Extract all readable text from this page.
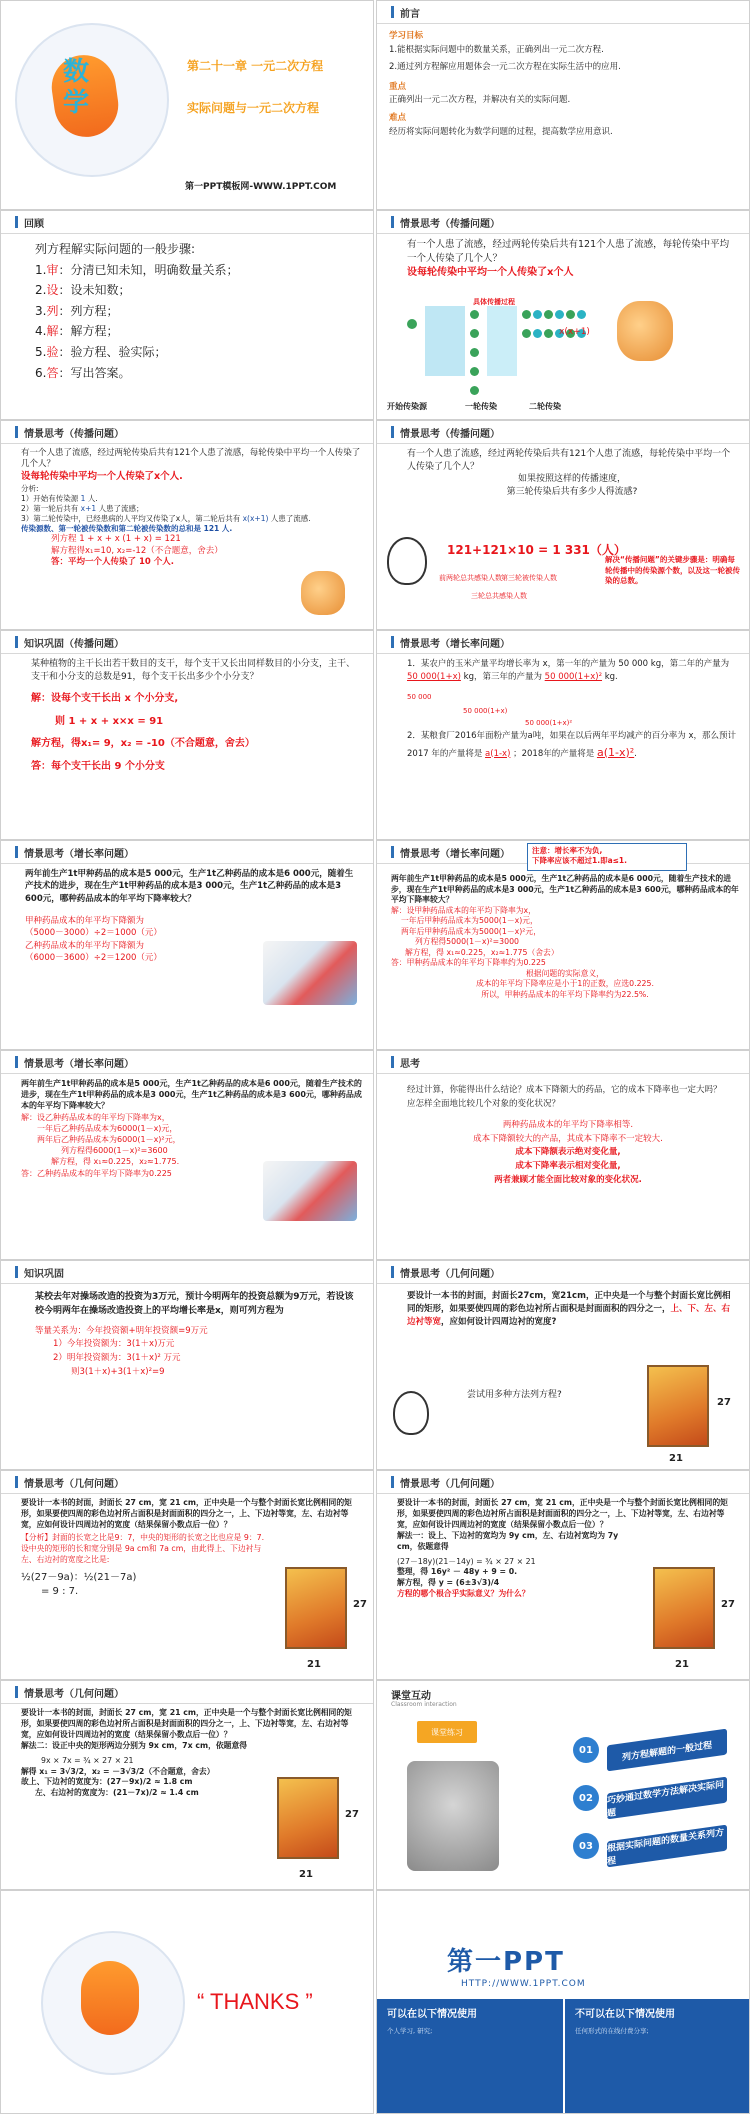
数学
第二十一章 一元二次方程
实际问题与一元二次方程
第一PPT模板网-WWW.1PPT.COM
前言
学习目标
1.能根据实际问题中的数量关系，正确列出一元二次方程.
2.通过列方程解应用题体会一元二次方程在实际生活中的应用.
重点
正确列出一元二次方程，并解决有关的实际问题.
难点
经历将实际问题转化为数学问题的过程，提高数学应用意识.
回顾
列方程解实际问题的一般步骤:
1.审：分清已知未知，明确数量关系；
2.设：设未知数；
3.列：列方程；
4.解：解方程；
5.验：验方程、验实际；
6.答：写出答案。
情景思考（传播问题）
有一个人患了流感，经过两轮传染后共有121个人患了流感，每轮传染中平均一个人传染了几个人？
设每轮传染中平均一个人传染了x个人
具体传播过程
x(x+1)
开始传染源	一轮传染	二轮传染
情景思考（传播问题）
有一个人患了流感，经过两轮传染后共有121个人患了流感，每轮传染中平均一个人传染了几个人？
设每轮传染中平均一个人传染了x个人.
分析:
1）开始有传染源 1 人.
2）第一轮后共有 x+1 人患了流感；
3）第二轮传染中，已经患病的人平均又传染了x人，第二轮后共有 x(x+1) 人患了流感.
传染源数、第一轮被传染数和第二轮被传染数的总和是 121 人.
列方程 1 + x + x (1 + x) = 121
解方程得x₁=10, x₂=-12（不合题意，舍去）
答：平均一个人传染了 10 个人.
情景思考（传播问题）
有一个人患了流感，经过两轮传染后共有121个人患了流感，每轮传染中平均一个人传染了几个人？
如果按照这样的传播速度，
第三轮传染后共有多少人得流感?
121+121×10 = 1 331（人）
前两轮总共感染人数 第三轮被传染人数
三轮总共感染人数
解决“传播问题”的关键步骤是：明确每轮传播中的传染源个数，以及这一轮被传染的总数。
知识巩固（传播问题）
某种植物的主干长出若干数目的支干，每个支干又长出同样数目的小分支，主干、支干和小分支的总数是91，每个支干长出多少个小分支？
解：设每个支干长出 x 个小分支,
则 1 + x + x×x = 91
解方程，得x₁= 9，x₂ = -10（不合题意，舍去）
答：每个支干长出 9 个小分支
情景思考（增长率问题）
1．某农户的玉米产量平均增长率为 x，第一年的产量为 50 000 kg，第二年的产量为 50 000(1+x) kg，第三年的产量为 50 000(1+x)² kg.
50 000
50 000(1+x)
50 000(1+x)²
2．某粮食厂2016年面粉产量为a吨，如果在以后两年平均减产的百分率为 x，那么预计 2017 年的产量将是 a(1-x) ；2018年的产量将是 a(1-x)².
情景思考（增长率问题）
两年前生产1t甲种药品的成本是5 000元，生产1t乙种药品的成本是6 000元，随着生产技术的进步，现在生产1t甲种药品的成本是3 000元，生产1t乙种药品的成本是3 600元，哪种药品成本的年平均下降率较大？
甲种药品成本的年平均下降额为
（5000－3000）÷2＝1000（元）
乙种药品成本的年平均下降额为
（6000－3600）÷2＝1200（元）
情景思考（增长率问题）	注意：增长率不为负,
下降率应该不超过1.即a≤1.
两年前生产1t甲种药品的成本是5 000元，生产1t乙种药品的成本是6 000元，随着生产技术的进步，现在生产1t甲种药品的成本是3 000元，生产1t乙种药品的成本是3 600元，哪种药品成本的年平均下降率较大？
解：设甲种药品成本的年平均下降率为x，
一年后甲种药品成本为5000(1－x)元，
两年后甲种药品成本为5000(1－x)²元，
列方程得5000(1－x)²=3000
解方程，得 x₁≈0.225，x₂≈1.775（舍去）
答：甲种药品成本的年平均下降率约为0.225
根据问题的实际意义，
成本的年平均下降率应是小于1的正数，应选0.225.
所以，甲种药品成本的年平均下降率约为22.5%.
情景思考（增长率问题）
两年前生产1t甲种药品的成本是5 000元，生产1t乙种药品的成本是6 000元，随着生产技术的进步，现在生产1t甲种药品的成本是3 000元，生产1t乙种药品的成本是3 600元，哪种药品成本的年平均下降率较大？
解：设乙种药品成本的年平均下降率为x，
一年后乙种药品成本为6000(1－x)元，
两年后乙种药品成本为6000(1－x)²元，
列方程得6000(1－x)²=3600
解方程，得 x₁≈0.225，x₂≈1.775.
答：乙种药品成本的年平均下降率为0.225
思考
经过计算，你能得出什么结论？成本下降额大的药品，它的成本下降率也一定大吗？应怎样全面地比较几个对象的变化状况？
两种药品成本的年平均下降率相等.
成本下降额较大的产品，其成本下降率不一定较大.
成本下降额表示绝对变化量,
成本下降率表示相对变化量,
两者兼顾才能全面比较对象的变化状况.
知识巩固
某校去年对操场改造的投资为3万元，预计今明两年的投资总额为9万元，若设该校今明两年在操场改造投资上的平均增长率是x，则可列方程为
等量关系为：今年投资额+明年投资额=9万元
1）今年投资额为：3(1＋x)万元
2）明年投资额为：3(1＋x)² 万元
则3(1＋x)+3(1＋x)²=9
情景思考（几何问题）
要设计一本书的封面，封面长27cm，宽21cm，正中央是一个与整个封面长宽比例相同的矩形，如果要使四周的彩色边衬所占面积是封面面积的四分之一，上、下、左、右边衬等宽，应如何设计四周边衬的宽度?
尝试用多种方法列方程?
27
21
情景思考（几何问题）
要设计一本书的封面，封面长 27 cm，宽 21 cm，正中央是一个与整个封面长宽比例相同的矩形，如果要使四周的彩色边衬所占面积是封面面积的四分之一，上、下边衬等宽，左、右边衬等宽，应如何设计四周边衬的宽度（结果保留小数点后一位）？
【分析】封面的长宽之比是9：7，中央的矩形的长宽之比也应是 9：7.
设中央的矩形的长和宽分别是 9a cm和 7a cm，由此得上、下边衬与左、右边衬的宽度之比是:
½(27－9a)：½(21－7a)
= 9 : 7.
27
21
情景思考（几何问题）
要设计一本书的封面，封面长 27 cm，宽 21 cm，正中央是一个与整个封面长宽比例相同的矩形，如果要使四周的彩色边衬所占面积是封面面积的四分之一，上、下边衬等宽，左、右边衬等宽，应如何设计四周边衬的宽度（结果保留小数点后一位）？
解法一：设上、下边衬的宽均为 9y cm，左、右边衬宽均为 7y cm，依题意得
(27－18y)(21－14y) = ¾ × 27 × 21
整理，得 16y² － 48y + 9 = 0.
解方程，得 y = (6±3√3)/4
方程的哪个根合乎实际意义？为什么？
27
21
情景思考（几何问题）
要设计一本书的封面，封面长 27 cm，宽 21 cm，正中央是一个与整个封面长宽比例相同的矩形，如果要使四周的彩色边衬所占面积是封面面积的四分之一，上、下边衬等宽，左、右边衬等宽，应如何设计四周边衬的宽度（结果保留小数点后一位）？
解法二：设正中央的矩形两边分别为 9x cm，7x cm，依题意得
9x × 7x = ¾ × 27 × 21
解得 x₁ = 3√3/2，x₂ = －3√3/2（不合题意，舍去）
故上、下边衬的宽度为：(27－9x)/2 ≈ 1.8 cm
左、右边衬的宽度为：(21－7x)/2 ≈ 1.4 cm
27
21
课堂互动
Classroom interaction
课堂练习
01	列方程解题的一般过程
02	巧妙通过数学方法解决实际问题
03	根据实际问题的数量关系列方程
“ THANKS ”
第一PPT
HTTP://WWW.1PPT.COM
可以在以下情况使用
个人学习, 研究;
不可以在以下情况使用
任何形式的在线付费分享;
